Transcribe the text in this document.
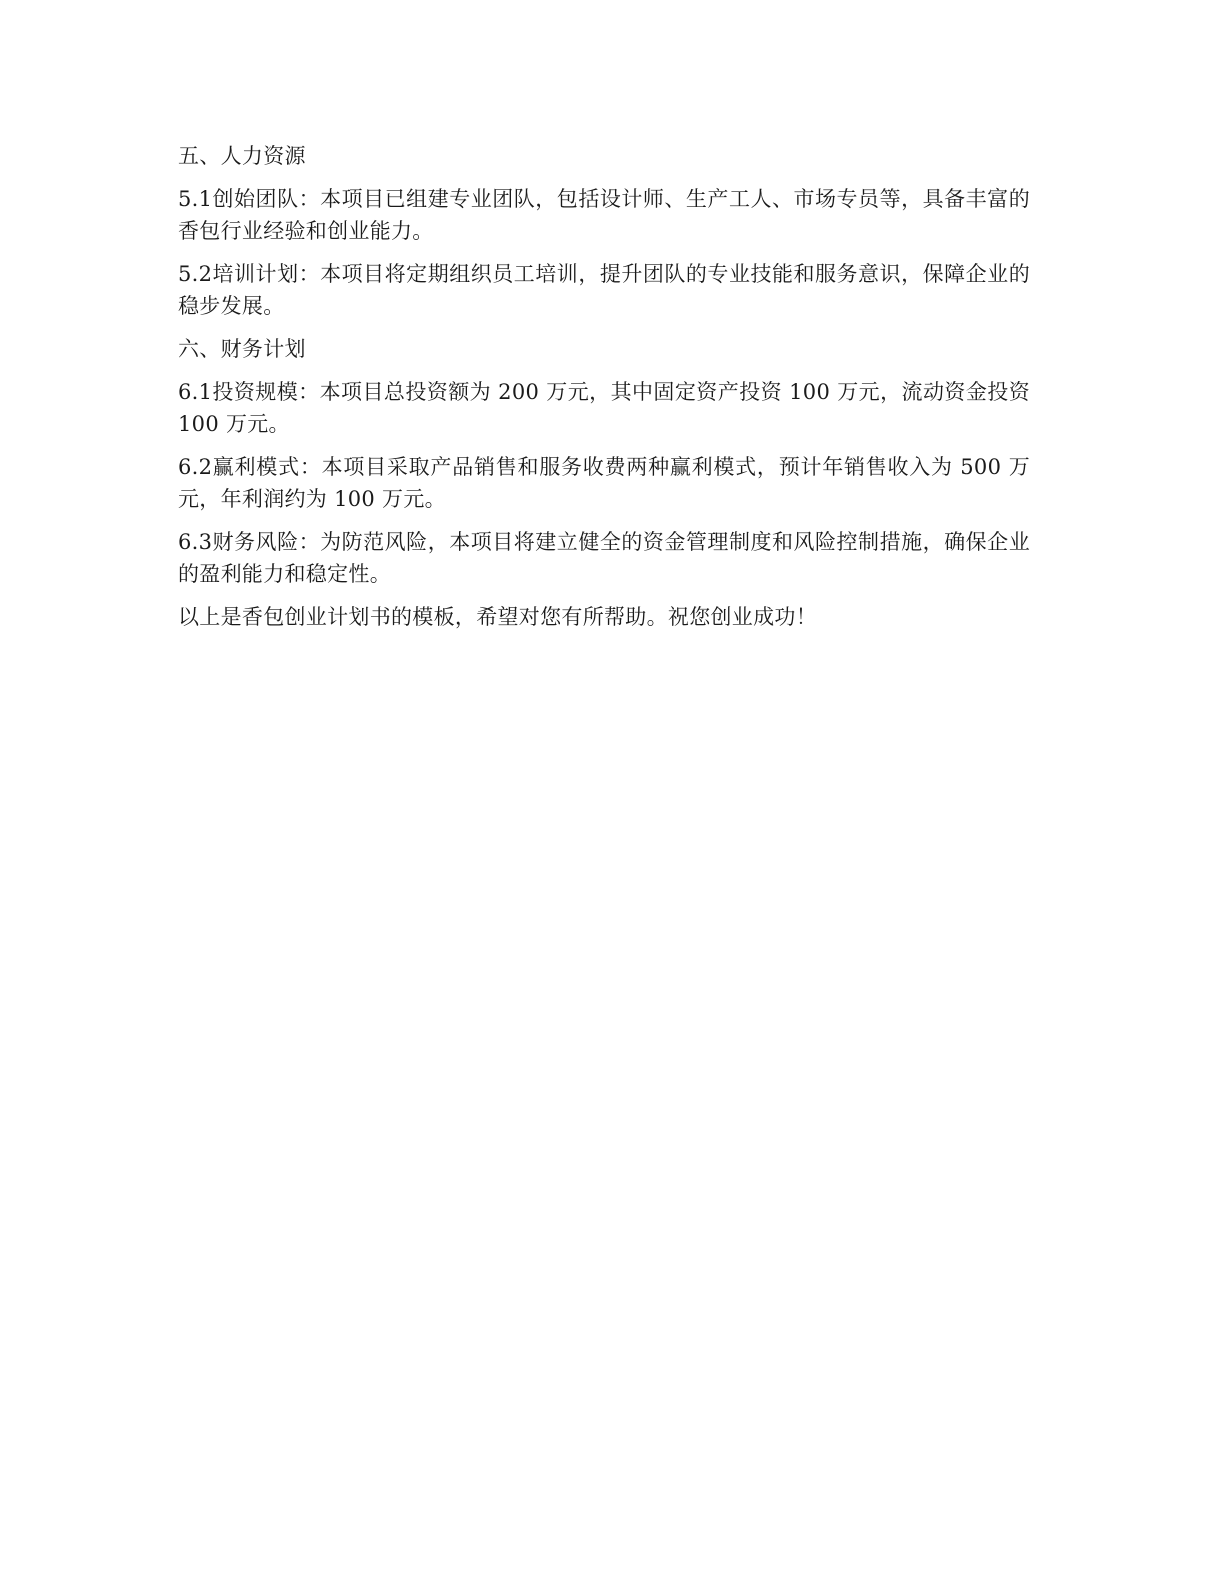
五、人力资源

5.1创始团队：本项目已组建专业团队，包括设计师、生产工人、市场专员等，具备丰富的香包行业经验和创业能力。

5.2培训计划：本项目将定期组织员工培训，提升团队的专业技能和服务意识，保障企业的稳步发展。

六、财务计划

6.1投资规模：本项目总投资额为 200 万元，其中固定资产投资 100 万元，流动资金投资 100 万元。

6.2赢利模式：本项目采取产品销售和服务收费两种赢利模式，预计年销售收入为 500 万元，年利润约为 100 万元。

6.3财务风险：为防范风险，本项目将建立健全的资金管理制度和风险控制措施，确保企业的盈利能力和稳定性。

以上是香包创业计划书的模板，希望对您有所帮助。祝您创业成功！
